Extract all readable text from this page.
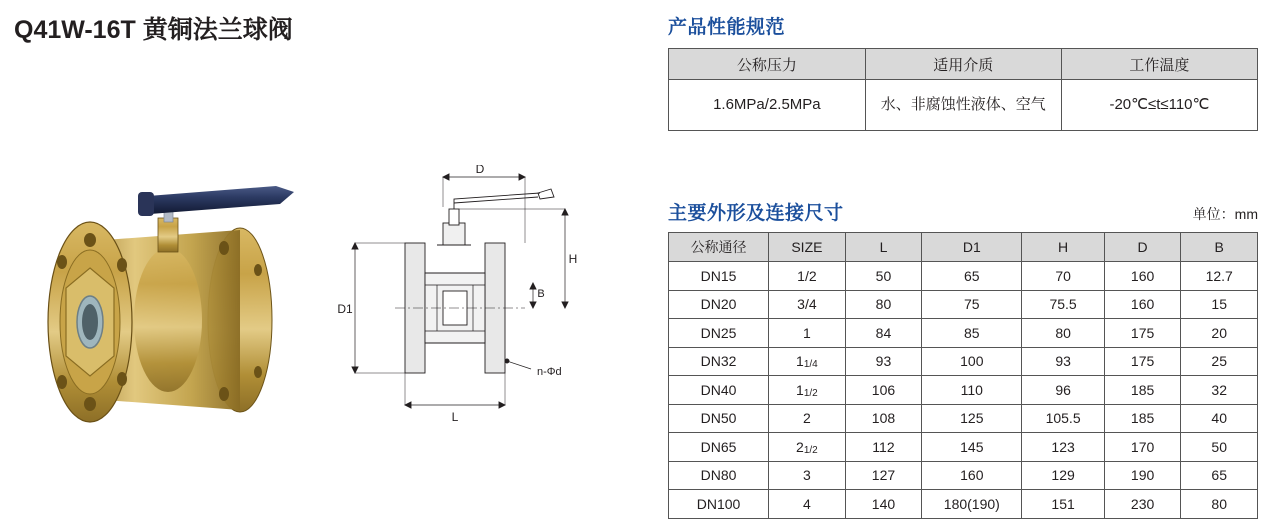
Q41W-16T 黄铜法兰球阀
D
H
D1
B
n-Φd
L
产品性能规范
公称压力	适用介质	工作温度
1.6MPa/2.5MPa	水、非腐蚀性液体、空气	-20℃≤t≤110℃
主要外形及连接尺寸	单位：mm
公称通径	SIZE	L	D1	H	D	B
DN15	1/2	50	65	70	160	12.7
DN20	3/4	80	75	75.5	160	15
DN25	1	84	85	80	175	20
DN32	$1_{1/4}$	93	100	93	175	25
DN40	$1_{1/2}$	106	110	96	185	32
DN50	2	108	125	105.5	185	40
DN65	$2_{1/2}$	112	145	123	170	50
DN80	3	127	160	129	190	65
DN100	4	140	180(190)	151	230	80
